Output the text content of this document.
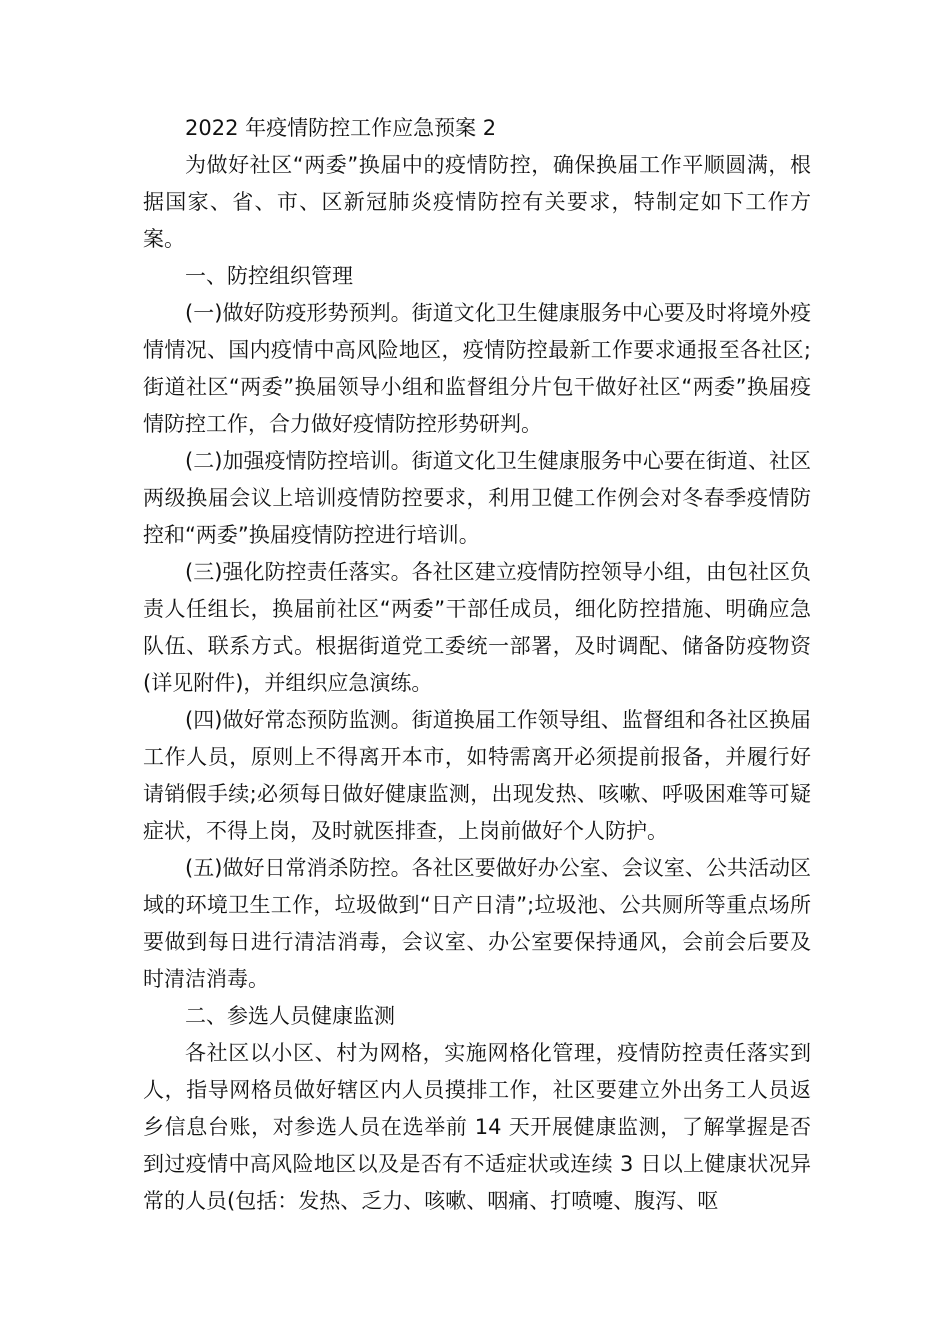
2022 年疫情防控工作应急预案 2

为做好社区“两委”换届中的疫情防控，确保换届工作平顺圆满，根据国家、省、市、区新冠肺炎疫情防控有关要求，特制定如下工作方案。

一、防控组织管理

(一)做好防疫形势预判。街道文化卫生健康服务中心要及时将境外疫情情况、国内疫情中高风险地区，疫情防控最新工作要求通报至各社区;街道社区“两委”换届领导小组和监督组分片包干做好社区“两委”换届疫情防控工作，合力做好疫情防控形势研判。

(二)加强疫情防控培训。街道文化卫生健康服务中心要在街道、社区两级换届会议上培训疫情防控要求，利用卫健工作例会对冬春季疫情防控和“两委”换届疫情防控进行培训。

(三)强化防控责任落实。各社区建立疫情防控领导小组，由包社区负责人任组长，换届前社区“两委”干部任成员，细化防控措施、明确应急队伍、联系方式。根据街道党工委统一部署，及时调配、储备防疫物资(详见附件)，并组织应急演练。

(四)做好常态预防监测。街道换届工作领导组、监督组和各社区换届工作人员，原则上不得离开本市，如特需离开必须提前报备，并履行好请销假手续;必须每日做好健康监测，出现发热、咳嗽、呼吸困难等可疑症状，不得上岗，及时就医排查，上岗前做好个人防护。

(五)做好日常消杀防控。各社区要做好办公室、会议室、公共活动区域的环境卫生工作，垃圾做到“日产日清”;垃圾池、公共厕所等重点场所要做到每日进行清洁消毒，会议室、办公室要保持通风，会前会后要及时清洁消毒。

二、参选人员健康监测

各社区以小区、村为网格，实施网格化管理，疫情防控责任落实到人，指导网格员做好辖区内人员摸排工作，社区要建立外出务工人员返乡信息台账，对参选人员在选举前 14 天开展健康监测，了解掌握是否到过疫情中高风险地区以及是否有不适症状或连续 3 日以上健康状况异常的人员(包括：发热、乏力、咳嗽、咽痛、打喷嚏、腹泻、呕
